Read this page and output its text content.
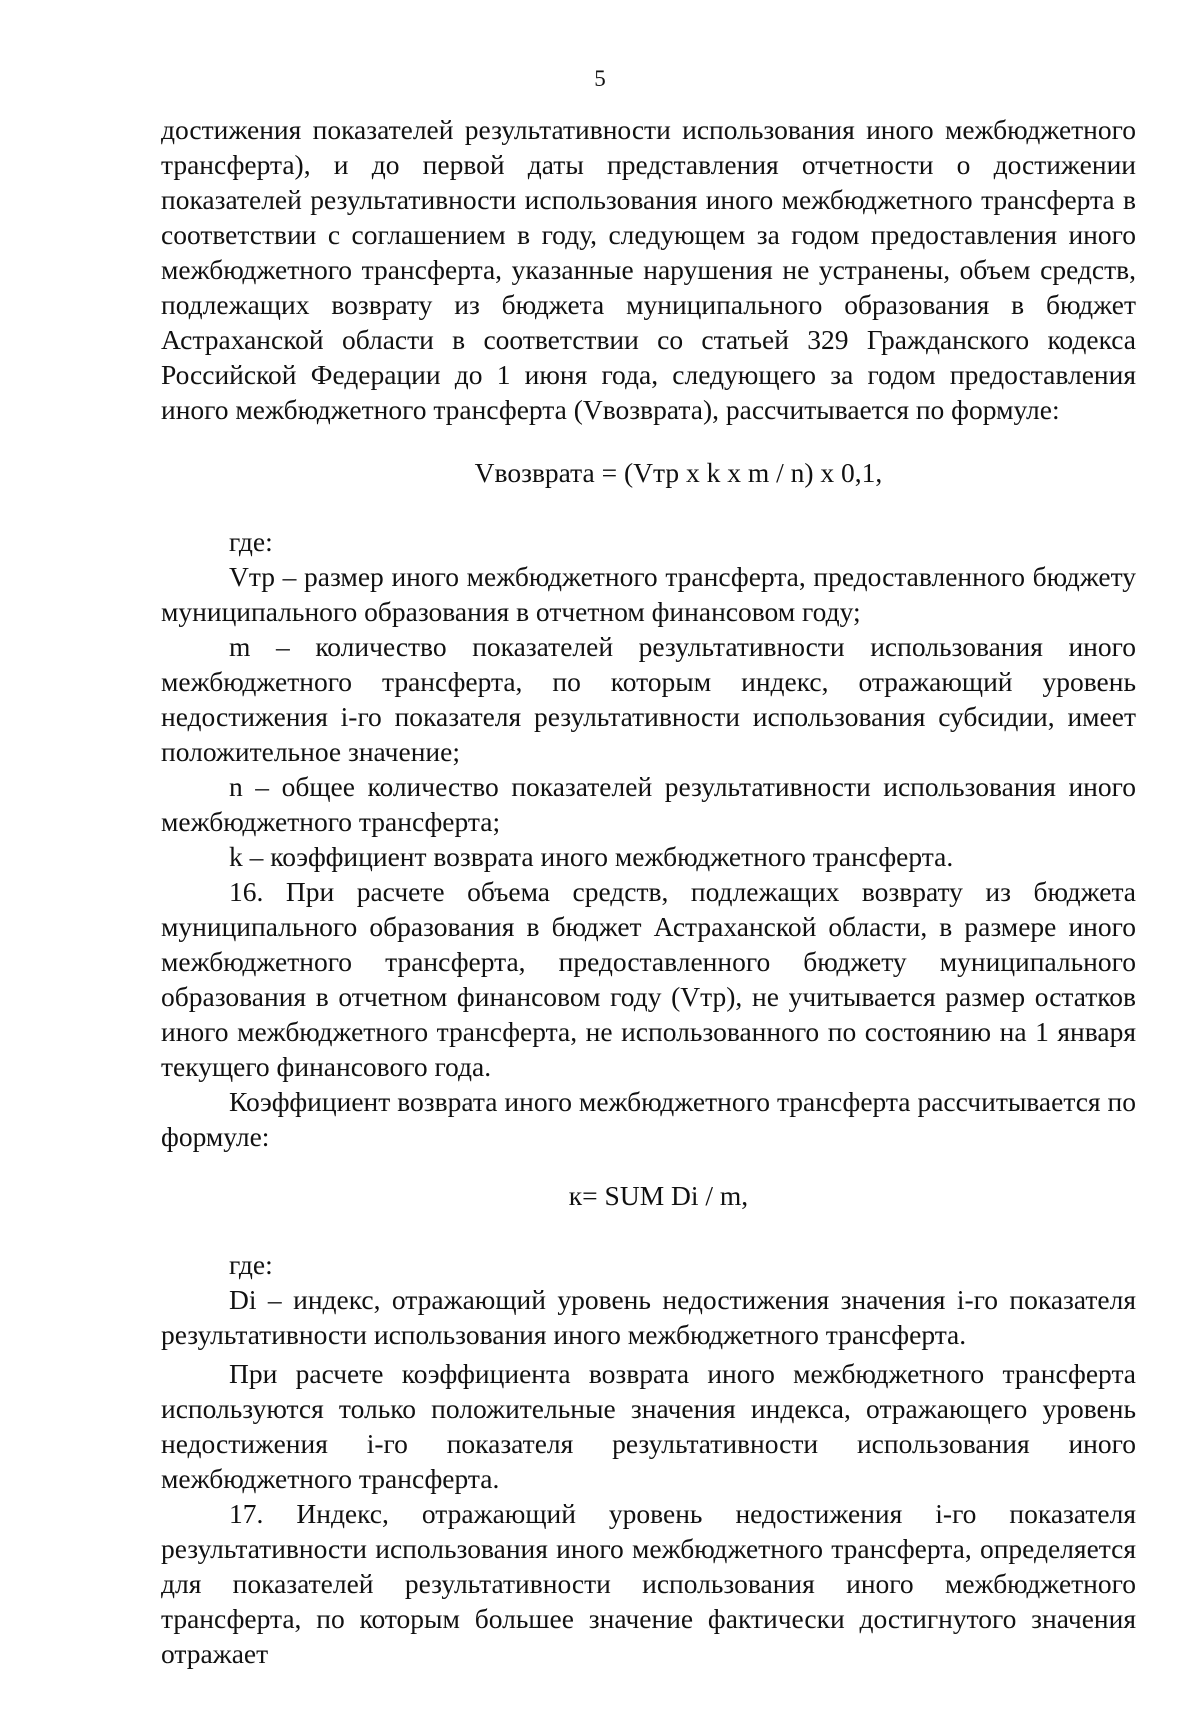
5

достижения показателей результативности использования иного межбюджетного трансферта), и до первой даты представления отчетности о достижении показателей результативности использования иного межбюджетного трансферта в соответствии с соглашением в году, следующем за годом предоставления иного межбюджетного трансферта, указанные нарушения не устранены, объем средств, подлежащих возврату из бюджета муниципального образования в бюджет Астраханской области в соответствии со статьей 329 Гражданского кодекса Российской Федерации до 1 июня года, следующего за годом предоставления иного межбюджетного трансферта (Vвозврата), рассчитывается по формуле:

Vвозврата = (Vтр x k x m / n) x 0,1,

где:

Vтр – размер иного межбюджетного трансферта, предоставленного бюджету муниципального образования в отчетном финансовом году;

m – количество показателей результативности использования иного межбюджетного трансферта, по которым индекс, отражающий уровень недостижения i-го показателя результативности использования субсидии, имеет положительное значение;

n – общее количество показателей результативности использования иного межбюджетного трансферта;

k – коэффициент возврата иного межбюджетного трансферта.

16. При расчете объема средств, подлежащих возврату из бюджета муниципального образования в бюджет Астраханской области, в размере иного межбюджетного трансферта, предоставленного бюджету муниципального образования в отчетном финансовом году (Vтр), не учитывается размер остатков иного межбюджетного трансферта, не использованного по состоянию на 1 января текущего финансового года.

Коэффициент возврата иного межбюджетного трансферта рассчитывается по формуле:

к= SUM Di / m,

где:

Di – индекс, отражающий уровень недостижения значения i-го показателя результативности использования иного межбюджетного трансферта.

При расчете коэффициента возврата иного межбюджетного трансферта используются только положительные значения индекса, отражающего уровень недостижения i-го показателя результативности использования иного межбюджетного трансферта.

17. Индекс, отражающий уровень недостижения i-го показателя результативности использования иного межбюджетного трансферта, определяется для показателей результативности использования иного межбюджетного трансферта, по которым большее значение фактически достигнутого значения отражает
